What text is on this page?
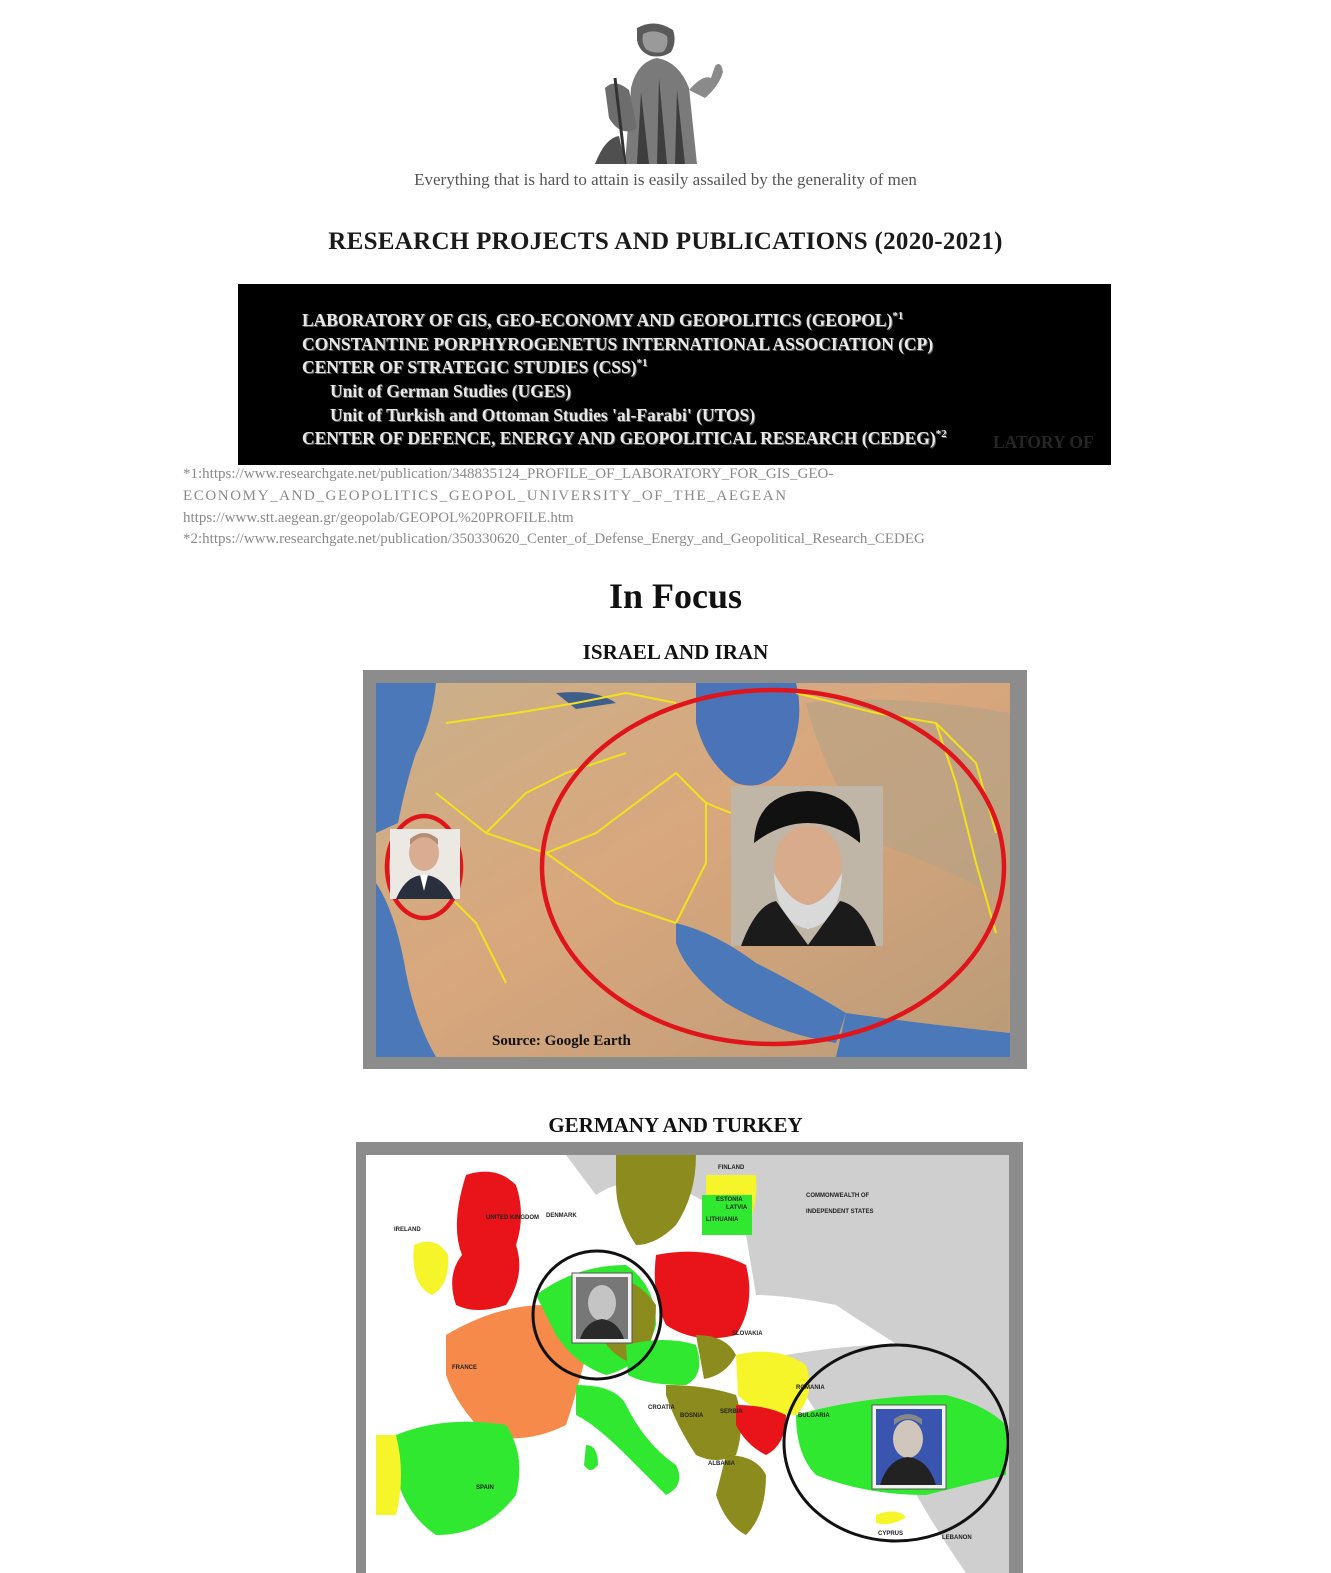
Everything that is hard to attain is easily assailed by the generality of men
RESEARCH PROJECTS AND PUBLICATIONS (2020-2021)
LATORY OF
LABORATORY OF GIS, GEO-ECONOMY AND GEOPOLITICS (GEOPOL)$^{*1}$
CONSTANTINE PORPHYROGENETUS INTERNATIONAL ASSOCIATION (CP)
CENTER OF STRATEGIC STUDIES (CSS)$^{*1}$
Unit of German Studies (UGES)
Unit of Turkish and Ottoman Studies 'al-Farabi' (UTOS)
CENTER OF DEFENCE, ENERGY AND GEOPOLITICAL RESEARCH (CEDEG)$^{*2}$
*1:https://www.researchgate.net/publication/348835124_PROFILE_OF_LABORATORY_FOR_GIS_GEO-
ECONOMY_AND_GEOPOLITICS_GEOPOL_UNIVERSITY_OF_THE_AEGEAN
https://www.stt.aegean.gr/geopolab/GEOPOL%20PROFILE.htm
*2:https://www.researchgate.net/publication/350330620_Center_of_Defense_Energy_and_Geopolitical_Research_CEDEG
In Focus
ISRAEL AND IRAN
Source: Google Earth
GERMANY AND TURKEY
COMMONWEALTH OF
INDEPENDENT STATES
IRELAND
UNITED KINGDOM DENMARK
FINLAND
ESTONIA
LATVIA
LITHUANIA
FRANCE
SPAIN
SLOVAKIA
ROMANIA
BULGARIA
SERBIA
CROATIA
BOSNIA
ALBANIA
CYPRUS
LEBANON
